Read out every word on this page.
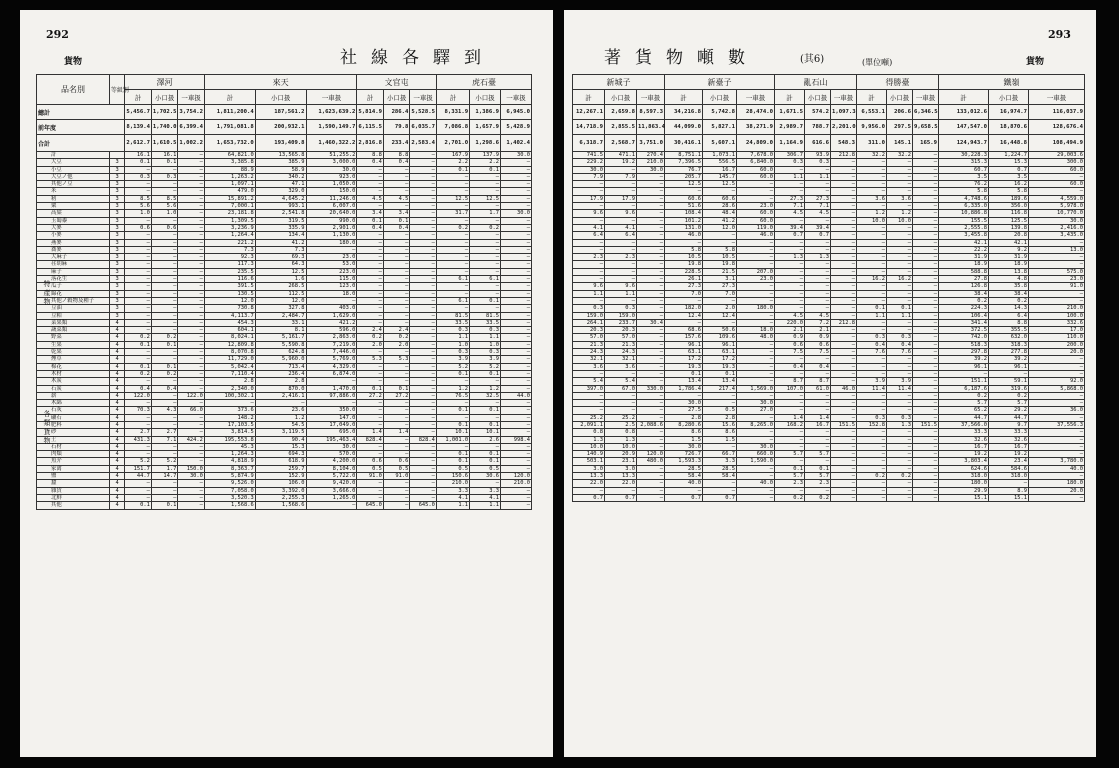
292
貨物	社線各驛到
品名別	等級別	澤河			來天			文官屯			虎石臺		
		計	小口扱	一車扱	計	小口扱	一車扱	計	小口扱	一車扱	計	小口扱	一車扱
總計		5,456.7	1,702.5	3,754.2	1,811,200.4	187,561.2	1,623,639.2	5,814.9	286.4	5,528.5	8,331.9	1,386.9	6,945.0
前年度		8,139.4	1,740.0	6,399.4	1,791,081.8	200,932.1	1,590,149.7	6,115.5	79.8	6,035.7	7,086.8	1,657.9	5,428.9
合計		2,612.7	1,610.5	1,002.2	1,653,732.0	193,409.8	1,460,322.2	2,816.8	233.4	2,583.4	2,701.0	1,298.6	1,402.4
計		16.1	16.1	—	64,821.0	13,565.8	51,255.2	8.8	8.8	—	167.9	137.9	30.0
大豆	3	0.1	0.1	—	3,385.8	385.9	3,000.0	0.4	0.4	—	2.2	2.2	—
小豆	3	—	—	—	88.9	58.9	30.0	—	—	—	0.1	0.1	—
大豆ノ他	3	0.3	0.3	—	1,263.2	340.2	923.0	—	—	—	—	—	—
其他ノ豆	3	—	—	—	1,097.1	47.1	1,050.0	—	—	—	—	—	—
米	3	—	—	—	479.0	329.0	150.0	—	—	—	—	—	—
籾	3	8.5	8.5	—	15,891.2	4,645.2	11,246.0	4.5	4.5	—	12.5	12.5	—
粟	3	5.6	5.6	—	7,000.1	993.1	6,007.0	—	—	—	—	—	—
高粱	3	1.0	1.0	—	23,181.8	2,541.8	20,640.0	3.4	3.4	—	31.7	1.7	30.0
玉蜀黍	3	—	—	—	1,309.5	319.5	990.0	0.1	0.1	—	—	—	—
大麥	3	0.6	0.6	—	3,236.9	335.9	2,901.0	0.4	0.4	—	0.2	0.2	—
小麥	3	—	—	—	1,264.4	134.4	1,130.0	—	—	—	—	—	—
燕麥	3	—	—	—	221.2	41.2	180.0	—	—	—	—	—	—
蕎麥	3	—	—	—	7.3	7.3	—	—	—	—	—	—	—
大麻子	3	—	—	—	92.3	69.3	23.0	—	—	—	—	—	—
荏胡麻	3	—	—	—	117.3	64.3	53.0	—	—	—	—	—	—
麻子	3	—	—	—	235.5	12.5	223.0	—	—	—	—	—	—
落花生	3	—	—	—	116.6	1.6	115.0	—	—	—	6.1	6.1	—
瓜子	3	—	—	—	391.5	268.5	123.0	—	—	—	—	—	—
綿花	3	—	—	—	130.5	112.5	18.0	—	—	—	—	—	—
其他ノ穀物及種子	3	—	—	—	12.0	12.0	—	—	—	—	6.1	0.1	—
豆油	3	—	—	—	730.8	327.8	403.0	—	—	—	—	—	—
豆粕	3	—	—	—	4,113.7	2,484.7	1,629.0	—	—	—	81.5	81.5	—
菜果類	4	—	—	—	454.3	33.1	421.2	—	—	—	33.5	33.5	—
蔬菜類	4	—	—	—	604.1	8.1	596.0	2.4	2.4	—	0.3	0.3	—
野菜	4	0.2	0.2	—	8,024.1	5,161.7	2,863.0	0.2	0.2	—	1.1	1.1	—
生果	4	0.1	0.1	—	12,809.8	5,590.8	7,219.0	2.0	2.0	—	1.0	1.0	—
乾果	4	—	—	—	8,070.8	624.8	7,446.0	—	—	—	0.3	0.3	—
煙草	4	—	—	—	11,729.0	5,960.0	5,769.0	5.3	5.3	—	3.9	3.9	—
棉花	4	0.1	0.1	—	5,042.4	713.4	4,329.0	—	—	—	5.2	5.2	—
木材	4	0.2	0.2	—	7,110.4	236.4	6,874.0	—	—	—	0.1	0.1	—
木炭	4	—	—	—	2.8	2.8	—	—	—	—	—	—	—
石炭	4	0.4	0.4	—	2,340.0	870.0	1,470.0	0.1	0.1	—	1.2	1.2	—
薪	4	122.0	—	122.0	100,302.1	2,416.1	97,886.0	27.2	27.2	—	76.5	32.5	44.0
木綿	4	—	—	—	—	—	—	—	—	—	—	—	—
石灰	4	70.3	4.3	66.0	373.6	23.6	350.0	—	—	—	0.1	0.1	—
礦石	4	—	—	—	148.2	1.2	147.0	—	—	—	—	—	—
肥料	4	—	—	—	17,103.5	54.5	17,049.0	—	—	—	0.1	0.1	—
砂	4	2.7	2.7	—	3,814.5	3,119.5	695.0	1.4	1.4	—	10.1	10.1	—
土	4	431.3	7.1	424.2	195,553.8	90.4	195,463.4	828.4	—	828.4	1,001.0	2.6	998.4
石材	4	—	—	—	45.3	15.3	30.0	—	—	—	—	—	—
肉類	4	—	—	—	1,264.3	694.3	570.0	—	—	—	0.1	0.1	—
魚介	4	5.2	5.2	—	4,818.9	618.9	4,200.0	0.6	0.6	—	0.1	0.1	—
家禽	4	151.7	1.7	150.0	8,363.7	259.7	8,104.0	0.5	0.5	—	0.5	0.5	—
鹽	4	44.7	14.7	30.0	5,874.9	152.9	5,722.0	91.0	91.0	—	150.6	30.6	120.0
蠶	4	—	—	—	9,526.0	106.0	9,420.0	—	—	—	210.0	—	210.0
雜貨	4	—	—	—	7,058.0	3,392.0	3,666.0	—	—	—	3.3	3.3	—
北鮮	4	—	—	—	3,520.3	2,255.3	1,265.0	—	—	—	4.1	4.1	—
其他	4	0.1	0.1	—	1,568.6	1,568.6	—	645.0	—	645.0	1.1	1.1	—
特產物
各類貨物
293
貨物
著貨物噸數	(其6)	(單位噸)
新城子			新臺子			亂石山			得勝臺			鐵嶺		
計	小口扱	一車扱	計	小口扱	一車扱	計	小口扱	一車扱	計	小口扱	一車扱	計	小口扱	一車扱
12,267.1	2,659.8	8,597.3	34,216.8	5,742.8	28,474.0	1,671.5	574.2	1,097.3	6,553.1	206.6	6,346.5	133,012.6	16,974.7	116,037.9
14,718.9	2,855.5	11,863.4	44,099.0	5,827.1	38,271.9	2,989.7	788.7	2,201.0	9,956.0	297.5	9,658.5	147,547.0	18,870.6	128,676.4
6,318.7	2,568.7	3,751.0	30,416.1	5,607.1	24,809.0	1,164.9	616.6	548.3	311.0	145.1	165.9	124,943.7	16,448.8	108,494.9
741.5	471.1	270.4	8,751.1	1,073.1	7,678.0	306.7	93.9	212.8	32.2	32.2	—	30,228.3	1,224.7	29,003.6
229.2	19.2	210.0	7,396.5	556.5	6,840.0	0.3	0.3	—	—	—	—	315.3	15.3	300.0
30.0	—	30.0	76.7	16.7	60.0	—	—	—	—	—	—	60.7	0.7	60.0
7.9	7.9	—	205.7	145.7	60.0	1.1	1.1	—	—	—	—	3.5	3.5	—
—	—	—	12.5	12.5	—	—	—	—	—	—	—	76.2	16.2	60.0
—	—	—	—	—	—	—	—	—	—	—	—	5.8	5.8	—
17.9	17.9	—	60.6	60.6	—	27.3	27.3	—	3.6	3.6	—	4,748.6	189.6	4,559.0
—	—	—	51.6	28.6	23.0	7.1	7.1	—	—	—	—	6,335.0	356.0	5,978.0
9.6	9.6	—	108.4	48.4	60.0	4.5	4.5	—	1.2	1.2	—	10,886.8	116.8	10,770.0
—	—	—	101.2	41.2	60.0	—	—	—	10.0	10.0	—	155.5	125.5	30.0
4.1	4.1	—	131.0	12.0	119.0	39.4	39.4	—	—	—	—	2,555.8	139.8	2,416.0
6.4	6.4	—	46.0	—	46.0	0.7	0.7	—	—	—	—	3,455.8	20.8	3,435.0
—	—	—	—	—	—	—	—	—	—	—	—	42.1	42.1	—
—	—	—	5.8	5.8	—	—	—	—	—	—	—	22.2	9.2	13.0
2.3	2.3	—	10.5	10.5	—	1.3	1.3	—	—	—	—	31.9	31.9	—
—	—	—	19.8	19.8	—	—	—	—	—	—	—	18.9	18.9	—
—	—	—	228.5	21.5	207.0	—	—	—	—	—	—	588.8	13.8	575.0
—	—	—	26.1	3.1	23.0	—	—	—	16.2	16.2	—	27.8	4.8	23.0
9.6	9.6	—	27.3	27.3	—	—	—	—	—	—	—	126.8	35.8	91.0
1.1	1.1	—	7.0	7.0	—	—	—	—	—	—	—	38.4	38.4	—
—	—	—	—	—	—	—	—	—	—	—	—	0.2	0.2	—
0.3	0.3	—	182.0	2.0	180.0	—	—	—	0.1	0.1	—	224.3	14.3	210.0
159.0	159.0	—	12.4	12.4	—	4.5	4.5	—	1.1	1.1	—	106.4	6.4	100.0
264.1	233.7	30.4	—	—	—	220.0	7.2	212.8	—	—	—	341.4	8.8	332.6
20.3	20.3	—	68.6	50.6	18.0	2.1	2.1	—	—	—	—	372.5	355.5	17.0
57.0	57.0	—	157.6	109.6	48.0	0.9	0.9	—	0.3	0.3	—	742.0	632.0	110.0
21.3	21.3	—	96.1	96.1	—	0.6	0.6	—	0.4	0.4	—	518.3	318.3	200.0
24.3	24.3	—	63.1	63.1	—	7.5	7.5	—	7.6	7.6	—	297.8	277.8	20.0
32.1	32.1	—	17.2	17.2	—	—	—	—	—	—	—	39.2	39.2	—
3.6	3.6	—	19.3	19.3	—	0.4	0.4	—	—	—	—	96.1	96.1	—
—	—	—	0.1	0.1	—	—	—	—	—	—	—	—	—	—
5.4	5.4	—	13.4	13.4	—	8.7	8.7	—	3.9	3.9	—	151.1	59.1	92.0
397.0	67.0	330.0	1,786.4	217.4	1,569.0	107.0	61.0	46.0	11.4	11.4	—	6,187.6	319.6	5,868.0
—	—	—	—	—	—	—	—	—	—	—	—	0.2	0.2	—
—	—	—	30.0	—	30.0	—	—	—	—	—	—	5.7	5.7	—
—	—	—	27.5	0.5	27.0	—	—	—	—	—	—	65.2	29.2	36.0
25.2	25.2	—	2.8	2.8	—	1.4	1.4	—	0.3	0.3	—	44.7	44.7	—
2,091.1	2.5	2,088.6	8,280.6	15.6	8,265.0	168.2	16.7	151.5	152.8	1.3	151.5	37,566.0	9.7	37,556.3
0.8	0.8	—	8.6	8.6	—	—	—	—	—	—	—	33.3	33.3	—
1.3	1.3	—	1.5	1.5	—	—	—	—	—	—	—	32.6	32.6	—
10.0	10.0	—	30.0	—	30.0	—	—	—	—	—	—	16.7	16.7	—
140.9	20.9	120.0	726.7	66.7	660.0	5.7	5.7	—	—	—	—	19.2	19.2	—
503.1	23.1	480.0	1,593.3	3.3	1,590.0	—	—	—	—	—	—	3,803.4	23.4	3,780.0
3.0	3.0	—	28.5	28.5	—	0.1	0.1	—	—	—	—	624.6	584.6	40.0
13.3	13.3	—	58.4	58.4	—	5.7	5.7	—	0.2	0.2	—	318.0	318.0	—
22.0	22.0	—	40.0	—	40.0	2.3	2.3	—	—	—	—	180.0	—	180.0
—	—	—	—	—	—	—	—	—	—	—	—	29.9	8.9	20.0
0.7	0.7	—	0.7	0.7	—	0.2	0.2	—	—	—	—	15.1	15.1	—
